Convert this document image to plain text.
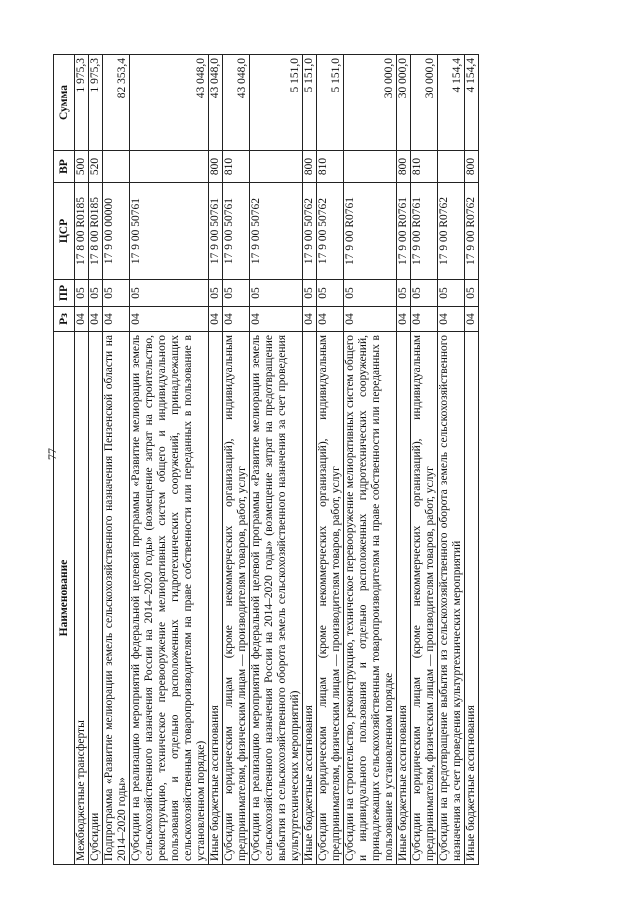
77
Наименование	Рз	ПР	ЦСР	ВР	Сумма
Межбюджетные трансферты	04	05	17 8 00 R0185	500	1 975,3
Субсидии	04	05	17 8 00 R0185	520	1 975,3
Подпрограмма «Развитие мелиорации земель сельскохозяйственного назначения Пензенской области на 2014–2020 годы»	04	05	17 9 00 00000		82 353,4
Субсидии на реализацию мероприятий федеральной целевой программы «Развитие мелиорации земель сельскохозяйственного назначения России на 2014–2020 годы» (возмещение затрат на строительство, реконструкцию, техническое перевооружение мелиоративных систем общего и индивидуального пользования и отдельно расположенных гидротехнических сооружений, принадлежащих сельскохозяйственным товаропроизводителям на праве собственности или переданных в пользование в установленном порядке)	04	05	17 9 00 50761		43 048,0
Иные бюджетные ассигнования	04	05	17 9 00 50761	800	43 048,0
Субсидии юридическим лицам (кроме некоммерческих организаций), индивидуальным предпринимателям, физическим лицам — производителям товаров, работ, услуг	04	05	17 9 00 50761	810	43 048,0
Субсидии на реализацию мероприятий федеральной целевой программы «Развитие мелиорации земель сельскохозяйственного назначения России на 2014–2020 годы» (возмещение затрат на предотвращение выбытия из сельскохозяйственного оборота земель сельскохозяйственного назначения за счет проведения культуртехнических мероприятий)	04	05	17 9 00 50762		5 151,0
Иные бюджетные ассигнования	04	05	17 9 00 50762	800	5 151,0
Субсидии юридическим лицам (кроме некоммерческих организаций), индивидуальным предпринимателям, физическим лицам — производителям товаров, работ, услуг	04	05	17 9 00 50762	810	5 151,0
Субсидии на строительство, реконструкцию, техническое перевооружение мелиоративных систем общего и индивидуального пользования и отдельно расположенных гидротехнических сооружений, принадлежащих сельскохозяйственным товаропроизводителям на праве собственности или переданных в пользование в установленном порядке	04	05	17 9 00 R0761		30 000,0
Иные бюджетные ассигнования	04	05	17 9 00 R0761	800	30 000,0
Субсидии юридическим лицам (кроме некоммерческих организаций), индивидуальным предпринимателям, физическим лицам — производителям товаров, работ, услуг	04	05	17 9 00 R0761	810	30 000,0
Субсидии на предотвращение выбытия из сельскохозяйственного оборота земель сельскохозяйственного назначения за счет проведения культуртехнических мероприятий	04	05	17 9 00 R0762		4 154,4
Иные бюджетные ассигнования	04	05	17 9 00 R0762	800	4 154,4
